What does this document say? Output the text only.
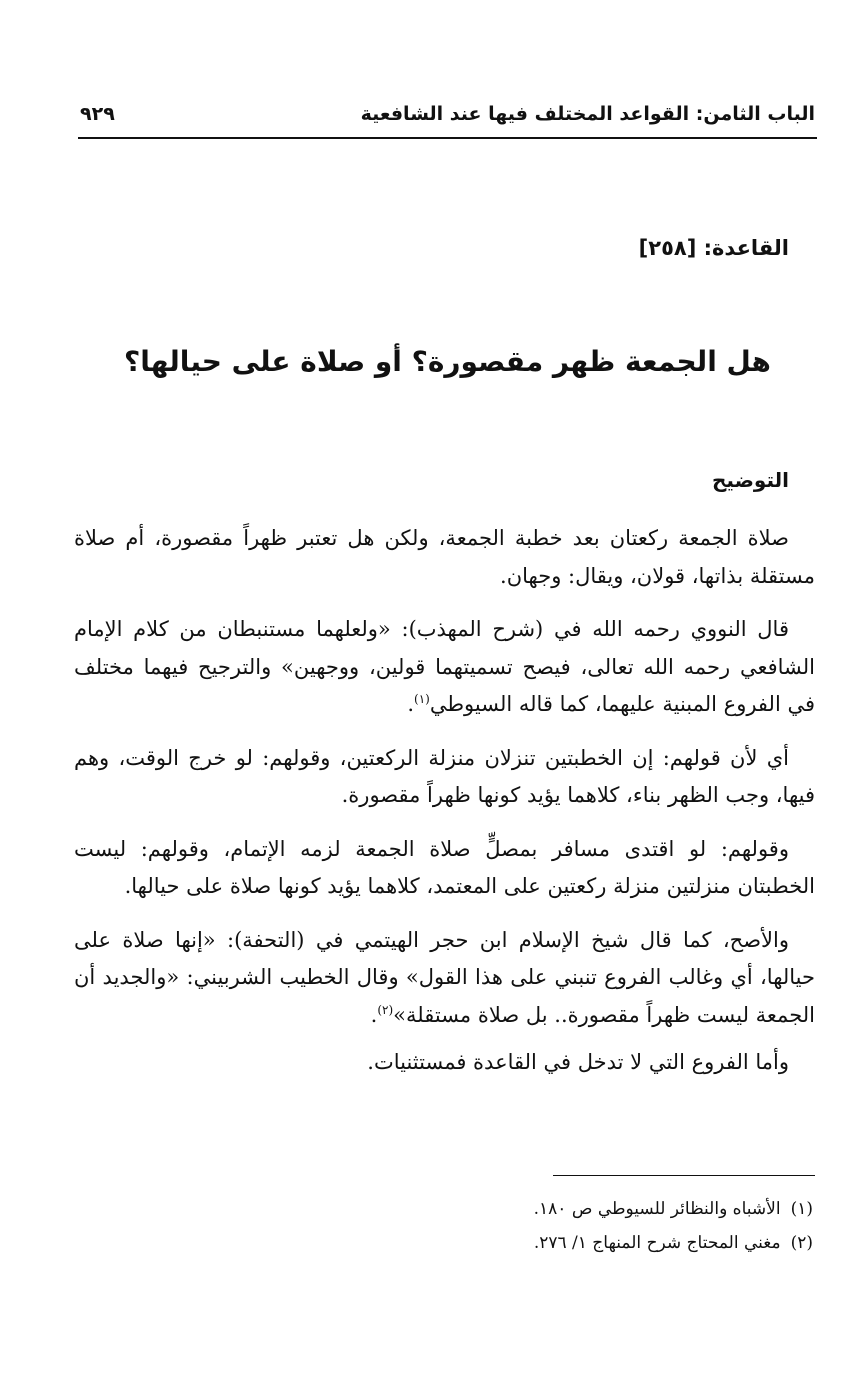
الباب الثامن: القواعد المختلف فيها عند الشافعية
٩٢٩
القاعدة: [٢٥٨]
هل الجمعة ظهر مقصورة؟ أو صلاة على حيالها؟
التوضيح

صلاة الجمعة ركعتان بعد خطبة الجمعة، ولكن هل تعتبر ظهراً مقصورة، أم صلاة مستقلة بذاتها، قولان، ويقال: وجهان.

قال النووي رحمه الله في (شرح المهذب): «ولعلهما مستنبطان من كلام الإمام الشافعي رحمه الله تعالى، فيصح تسميتهما قولين، ووجهين» والترجيح فيهما مختلف في الفروع المبنية عليهما، كما قاله السيوطي$^{(١)}$.

أي لأن قولهم: إن الخطبتين تنزلان منزلة الركعتين، وقولهم: لو خرج الوقت، وهم فيها، وجب الظهر بناء، كلاهما يؤيد كونها ظهراً مقصورة.

وقولهم: لو اقتدى مسافر بمصلٍّ صلاة الجمعة لزمه الإتمام، وقولهم: ليست الخطبتان منزلتين منزلة ركعتين على المعتمد، كلاهما يؤيد كونها صلاة على حيالها.

والأصح، كما قال شيخ الإسلام ابن حجر الهيتمي في (التحفة): «إنها صلاة على حيالها، أي وغالب الفروع تنبني على هذا القول» وقال الخطيب الشربيني: «والجديد أن الجمعة ليست ظهراً مقصورة.. بل صلاة مستقلة»$^{(٢)}$.

وأما الفروع التي لا تدخل في القاعدة فمستثنيات.

(١)الأشباه والنظائر للسيوطي ص ١٨٠.
(٢)مغني المحتاج شرح المنهاج ١/ ٢٧٦.
